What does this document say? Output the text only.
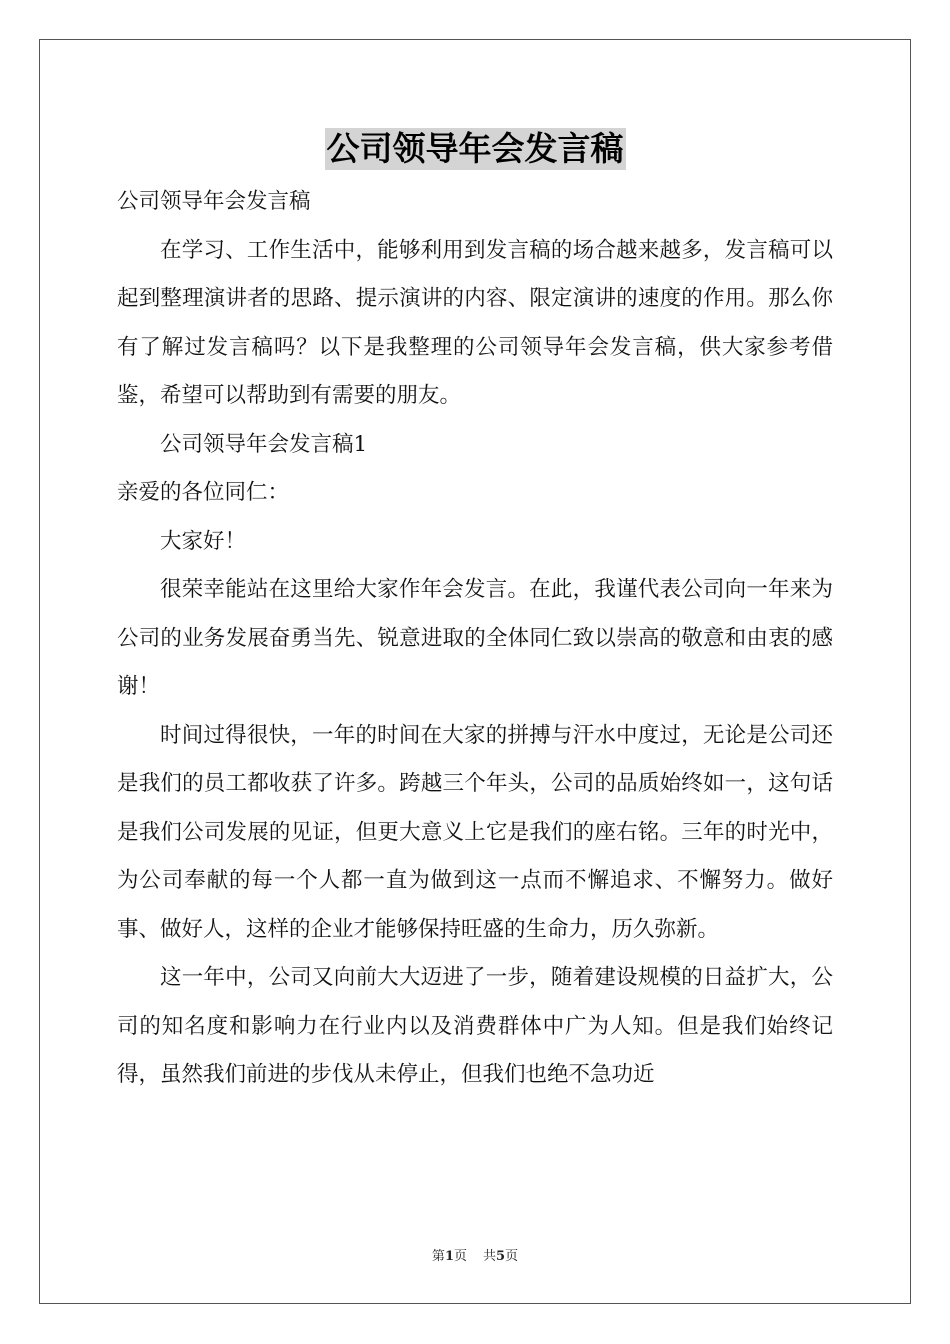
公司领导年会发言稿

公司领导年会发言稿

在学习、工作生活中，能够利用到发言稿的场合越来越多，发言稿可以起到整理演讲者的思路、提示演讲的内容、限定演讲的速度的作用。那么你有了解过发言稿吗？以下是我整理的公司领导年会发言稿，供大家参考借鉴，希望可以帮助到有需要的朋友。

公司领导年会发言稿1

亲爱的各位同仁：

大家好！

很荣幸能站在这里给大家作年会发言。在此，我谨代表公司向一年来为公司的业务发展奋勇当先、锐意进取的全体同仁致以崇高的敬意和由衷的感谢！

时间过得很快，一年的时间在大家的拼搏与汗水中度过，无论是公司还是我们的员工都收获了许多。跨越三个年头，公司的品质始终如一，这句话是我们公司发展的见证，但更大意义上它是我们的座右铭。三年的时光中，为公司奉献的每一个人都一直为做到这一点而不懈追求、不懈努力。做好事、做好人，这样的企业才能够保持旺盛的生命力，历久弥新。

这一年中，公司又向前大大迈进了一步，随着建设规模的日益扩大，公司的知名度和影响力在行业内以及消费群体中广为人知。但是我们始终记得，虽然我们前进的步伐从未停止，但我们也绝不急功近

第1页 共5页
